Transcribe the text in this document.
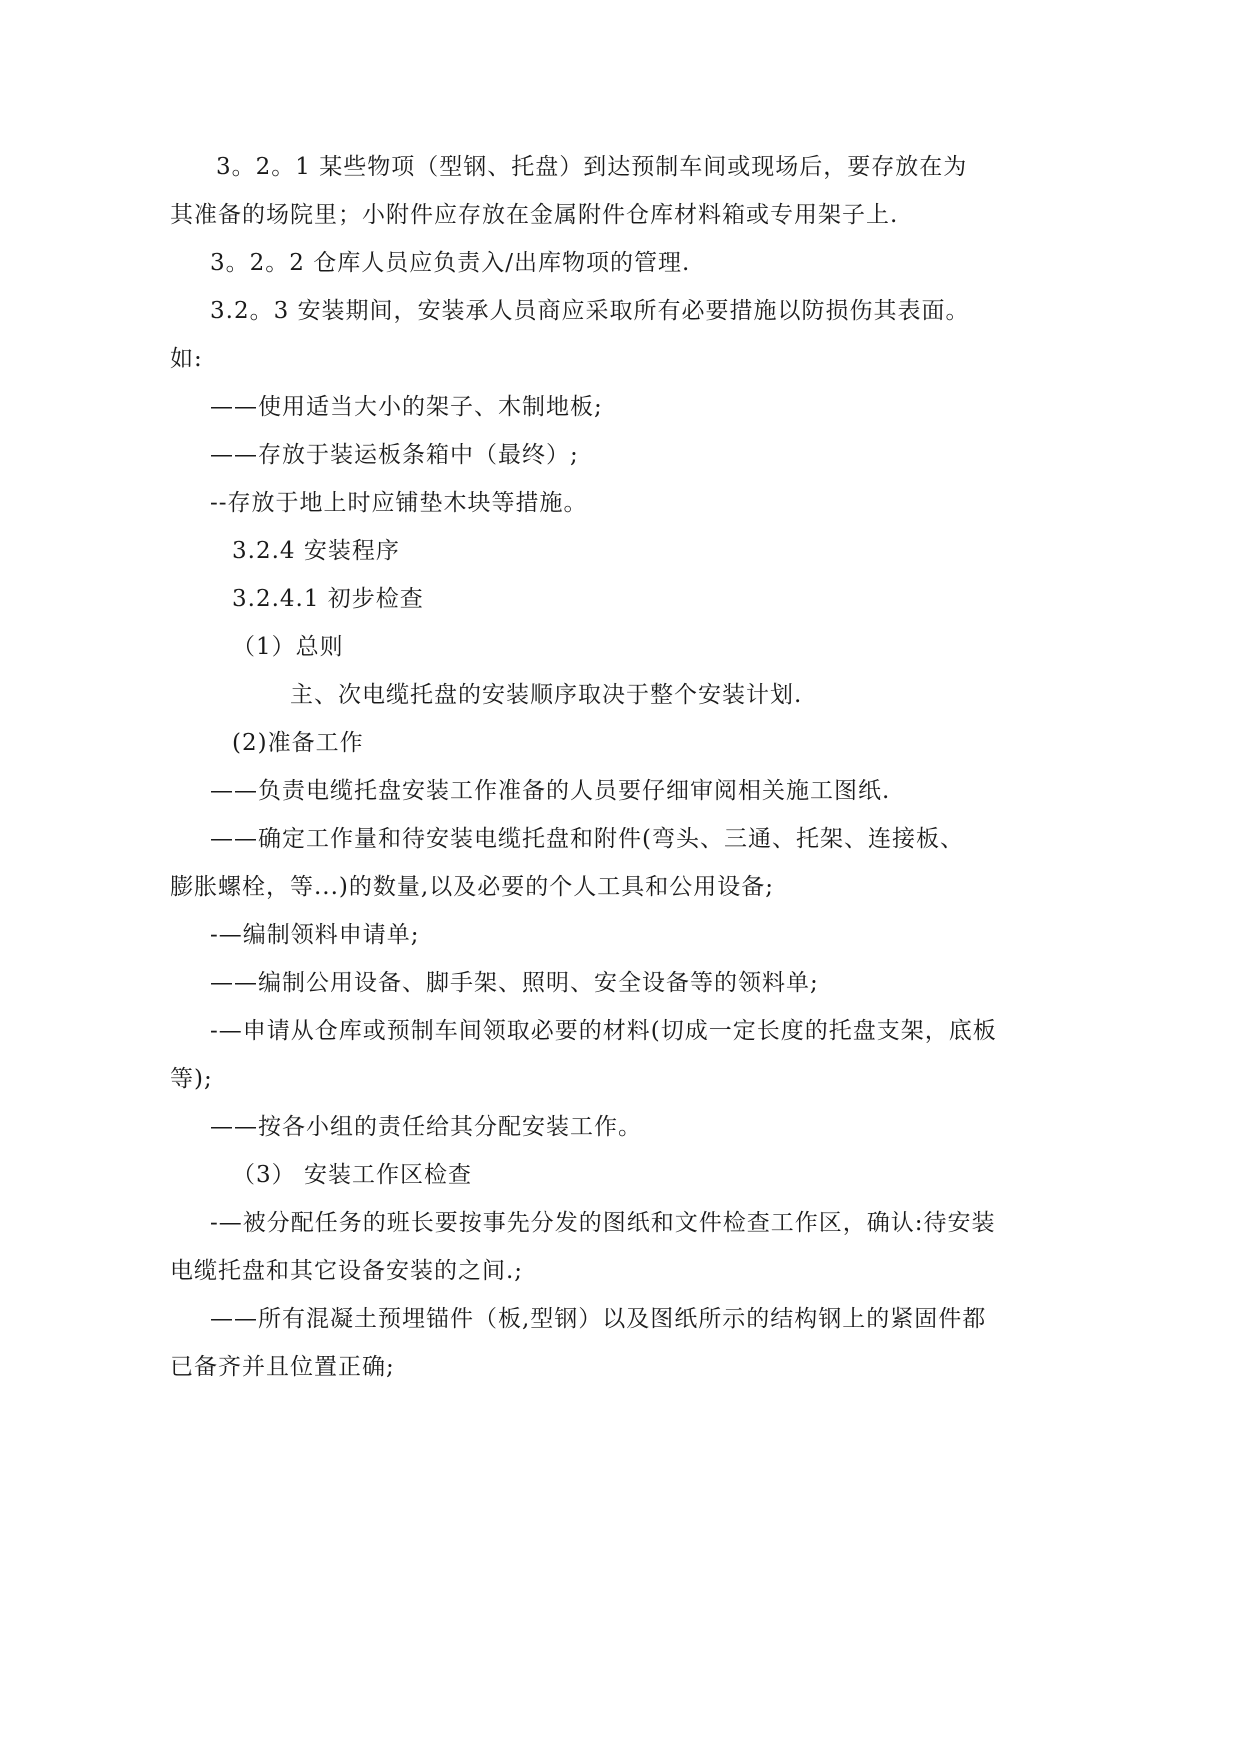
3。2。1 某些物项（型钢、托盘）到达预制车间或现场后，要存放在为
其准备的场院里；小附件应存放在金属附件仓库材料箱或专用架子上.
3。2。2 仓库人员应负责入/出库物项的管理.
3.2。3 安装期间，安装承人员商应采取所有必要措施以防损伤其表面。
如:
——使用适当大小的架子、木制地板;
——存放于装运板条箱中（最终）;
--存放于地上时应铺垫木块等措施。
3.2.4 安装程序
3.2.4.1 初步检查
（1）总则
主、次电缆托盘的安装顺序取决于整个安装计划.
(2)准备工作
——负责电缆托盘安装工作准备的人员要仔细审阅相关施工图纸.
——确定工作量和待安装电缆托盘和附件(弯头、三通、托架、连接板、
膨胀螺栓，等...)的数量,以及必要的个人工具和公用设备;
-—编制领料申请单;
——编制公用设备、脚手架、照明、安全设备等的领料单;
-—申请从仓库或预制车间领取必要的材料(切成一定长度的托盘支架，底板
等);
——按各小组的责任给其分配安装工作。
（3） 安装工作区检查
-—被分配任务的班长要按事先分发的图纸和文件检查工作区，确认:待安装
电缆托盘和其它设备安装的之间.;
——所有混凝土预埋锚件（板,型钢）以及图纸所示的结构钢上的紧固件都
已备齐并且位置正确;
